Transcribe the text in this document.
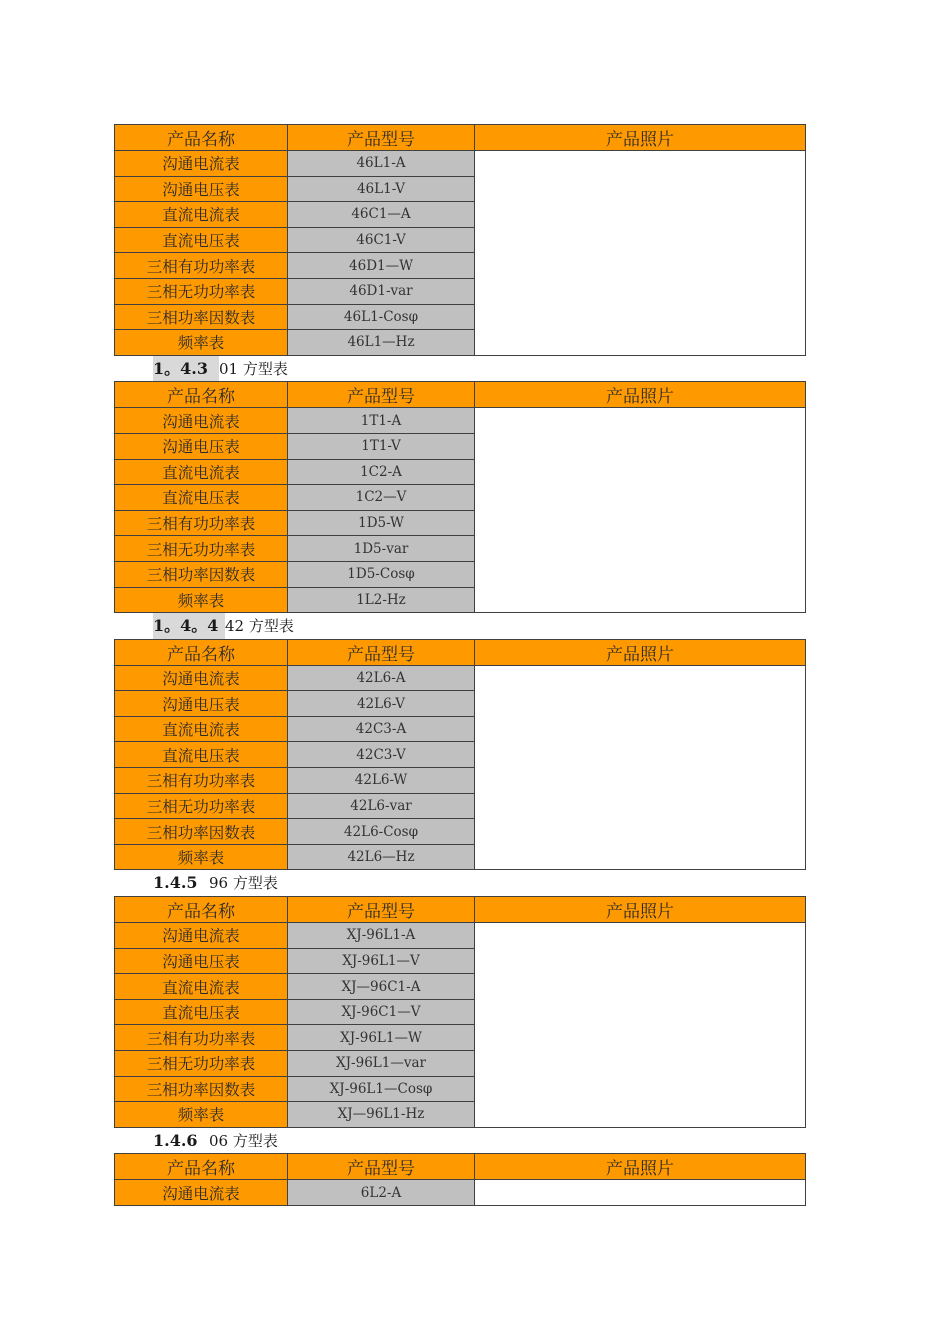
产品名称	产品型号	产品照片
沟通电流表	46L1-A	
沟通电压表	46L1-V	
直流电流表	46C1—A	
直流电压表	46C1-V	
三相有功功率表	46D1—W	
三相无功功率表	46D1-var	
三相功率因数表	46L1-Cosφ	
频率表	46L1—Hz	
1。4.3 01 方型表
产品名称	产品型号	产品照片
沟通电流表	1T1-A	
沟通电压表	1T1-V	
直流电流表	1C2-A	
直流电压表	1C2—V	
三相有功功率表	1D5-W	
三相无功功率表	1D5-var	
三相功率因数表	1D5-Cosφ	
频率表	1L2-Hz	
1。4。4 42 方型表
产品名称	产品型号	产品照片
沟通电流表	42L6-A	
沟通电压表	42L6-V	
直流电流表	42C3-A	
直流电压表	42C3-V	
三相有功功率表	42L6-W	
三相无功功率表	42L6-var	
三相功率因数表	42L6-Cosφ	
频率表	42L6—Hz	
1.4.5 96 方型表
产品名称	产品型号	产品照片
沟通电流表	XJ-96L1-A	
沟通电压表	XJ-96L1—V	
直流电流表	XJ—96C1-A	
直流电压表	XJ-96C1—V	
三相有功功率表	XJ-96L1—W	
三相无功功率表	XJ-96L1—var	
三相功率因数表	XJ-96L1—Cosφ	
频率表	XJ—96L1-Hz	
1.4.6 06 方型表
产品名称	产品型号	产品照片
沟通电流表	6L2-A	
